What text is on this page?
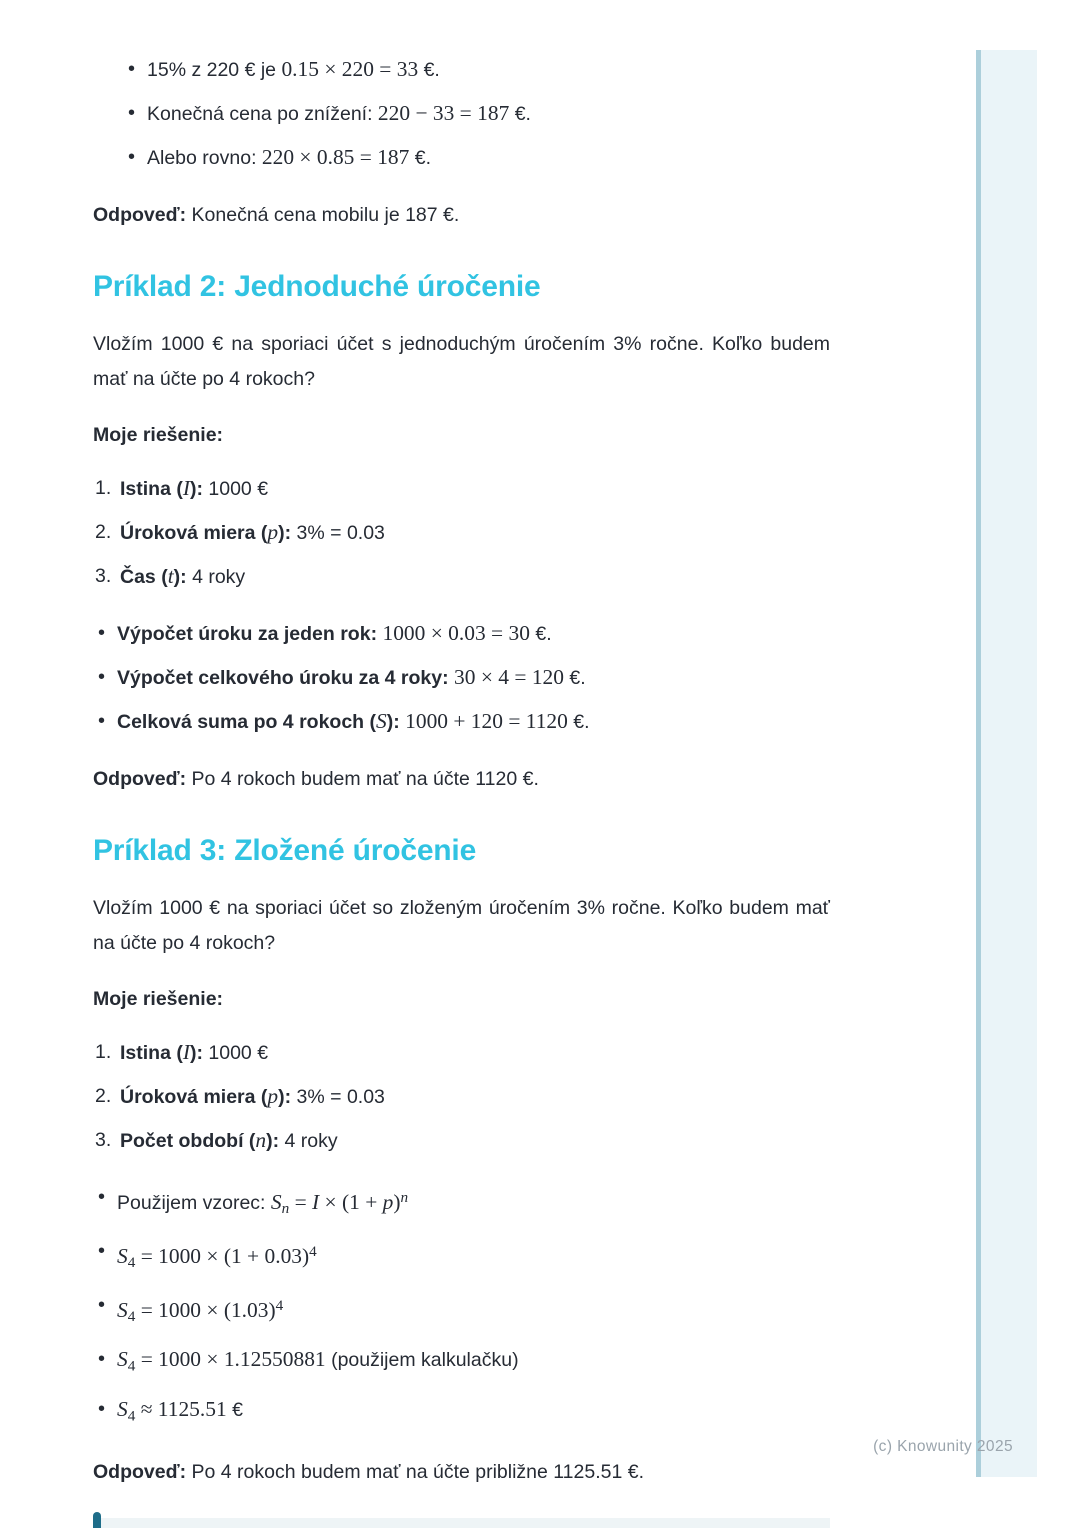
• 15% z 220 € je 0.15 × 220 = 33 €.
• Konečná cena po znížení: 220 − 33 = 187 €.
• Alebo rovno: 220 × 0.85 = 187 €.

Odpoveď: Konečná cena mobilu je 187 €.

Príklad 2: Jednoduché úročenie

Vložím 1000 € na sporiaci účet s jednoduchým úročením 3% ročne. Koľko budem mať na účte po 4 rokoch?

Moje riešenie:

Istina (I): 1000 €
Úroková miera (p): 3% = 0.03
Čas (t): 4 roky
• Výpočet úroku za jeden rok: 1000 × 0.03 = 30 €.
• Výpočet celkového úroku za 4 roky: 30 × 4 = 120 €.
• Celková suma po 4 rokoch (S): 1000 + 120 = 1120 €.

Odpoveď: Po 4 rokoch budem mať na účte 1120 €.

Príklad 3: Zložené úročenie

Vložím 1000 € na sporiaci účet so zloženým úročením 3% ročne. Koľko budem mať na účte po 4 rokoch?

Moje riešenie:

Istina (I): 1000 €
Úroková miera (p): 3% = 0.03
Počet období (n): 4 roky
• Použijem vzorec: $S_n = I \times (1 + p)^n$
• $S_4 = 1000 \times (1 + 0.03)^4$
• $S_4 = 1000 \times (1.03)^4$
• $S_4 = 1000 \times 1.12550881$ (použijem kalkulačku)
• $S_4 \approx 1125.51$ €

Odpoveď: Po 4 rokoch budem mať na účte približne 1125.51 €.

(c) Knowunity 2025
